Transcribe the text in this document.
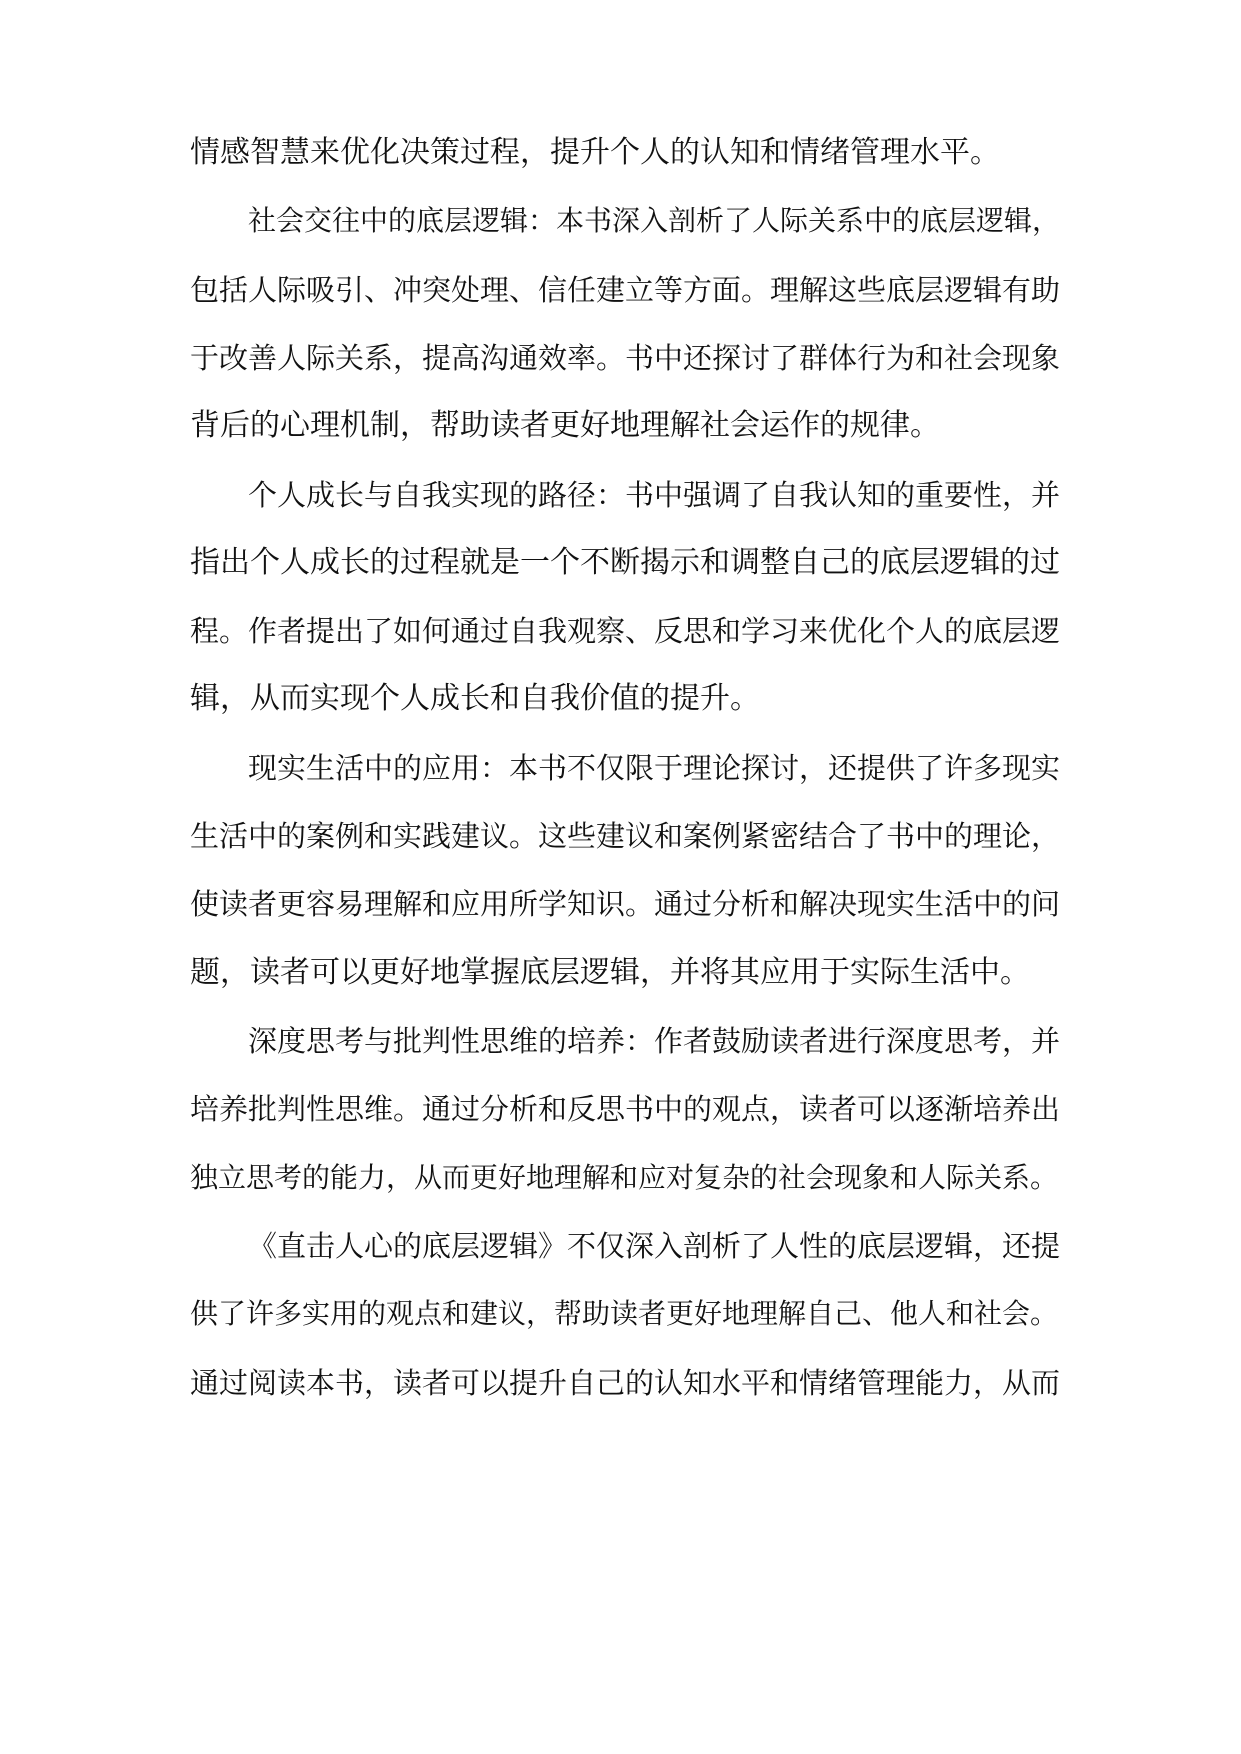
情感智慧来优化决策过程，提升个人的认知和情绪管理水平。
社会交往中的底层逻辑：本书深入剖析了人际关系中的底层逻辑，
包括人际吸引、冲突处理、信任建立等方面。理解这些底层逻辑有助
于改善人际关系，提高沟通效率。书中还探讨了群体行为和社会现象
背后的心理机制，帮助读者更好地理解社会运作的规律。
个人成长与自我实现的路径：书中强调了自我认知的重要性，并
指出个人成长的过程就是一个不断揭示和调整自己的底层逻辑的过
程。作者提出了如何通过自我观察、反思和学习来优化个人的底层逻
辑，从而实现个人成长和自我价值的提升。
现实生活中的应用：本书不仅限于理论探讨，还提供了许多现实
生活中的案例和实践建议。这些建议和案例紧密结合了书中的理论，
使读者更容易理解和应用所学知识。通过分析和解决现实生活中的问
题，读者可以更好地掌握底层逻辑，并将其应用于实际生活中。
深度思考与批判性思维的培养：作者鼓励读者进行深度思考，并
培养批判性思维。通过分析和反思书中的观点，读者可以逐渐培养出
独立思考的能力，从而更好地理解和应对复杂的社会现象和人际关系。
《直击人心的底层逻辑》不仅深入剖析了人性的底层逻辑，还提
供了许多实用的观点和建议，帮助读者更好地理解自己、他人和社会。
通过阅读本书，读者可以提升自己的认知水平和情绪管理能力，从而
